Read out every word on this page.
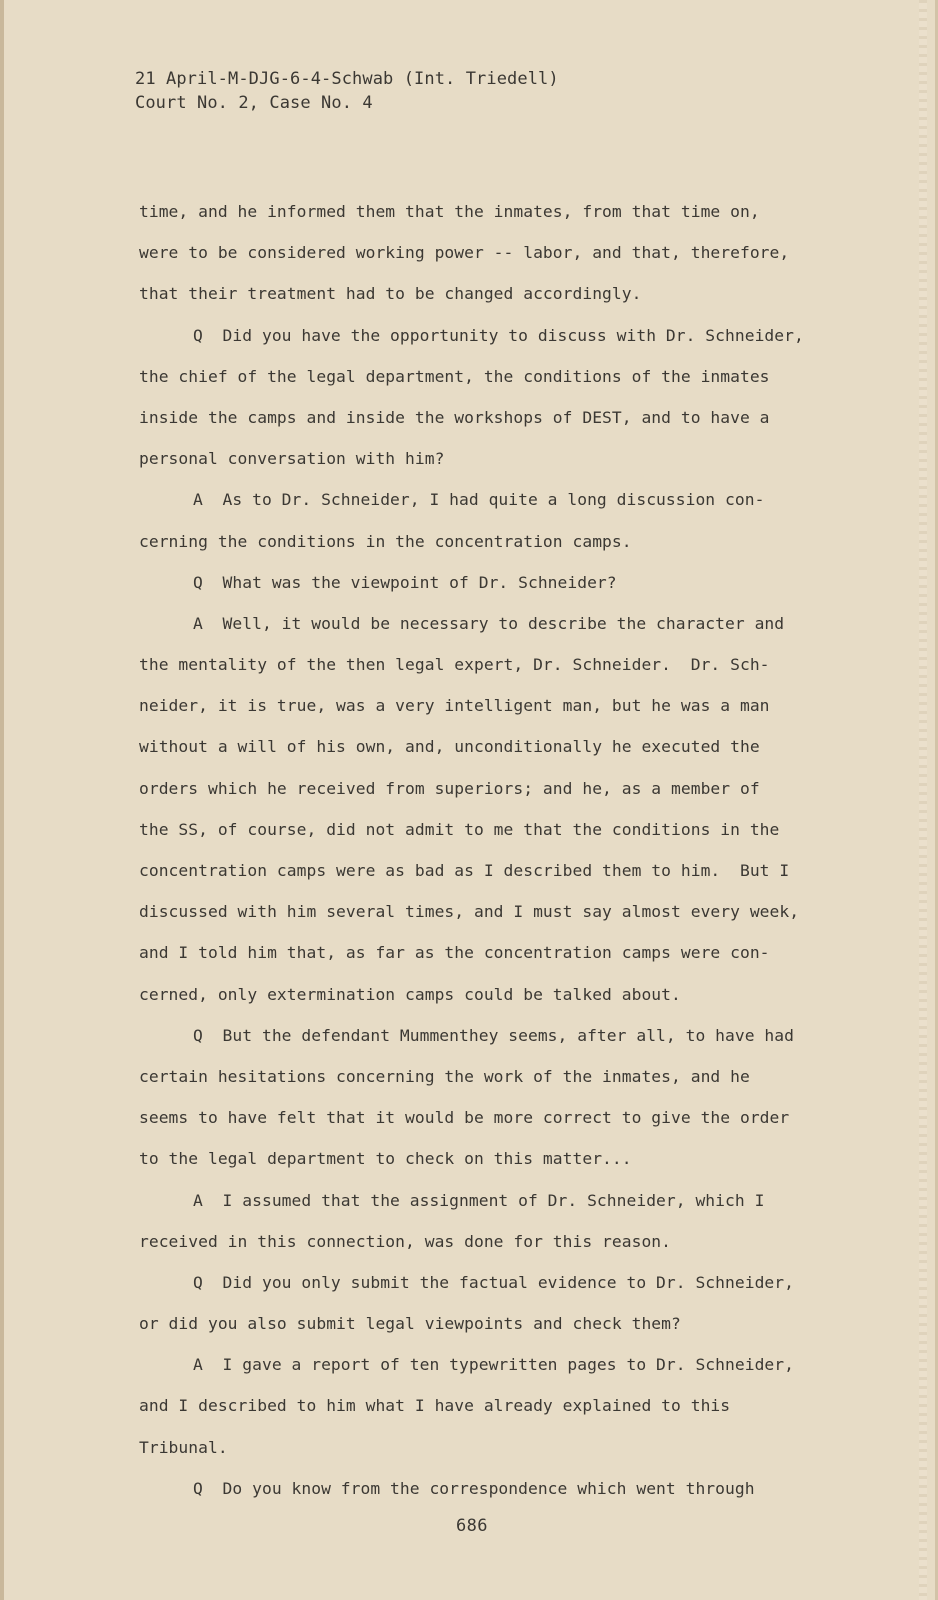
21 April-M-DJG-6-4-Schwab (Int. Triedell)
Court No. 2, Case No. 4
time, and he informed them that the inmates, from that time on,
were to be considered working power -- labor, and that, therefore,
that their treatment had to be changed accordingly.
Q  Did you have the opportunity to discuss with Dr. Schneider,
the chief of the legal department, the conditions of the inmates
inside the camps and inside the workshops of DEST, and to have a
personal conversation with him?
A  As to Dr. Schneider, I had quite a long discussion con-
cerning the conditions in the concentration camps.
Q  What was the viewpoint of Dr. Schneider?
A  Well, it would be necessary to describe the character and
the mentality of the then legal expert, Dr. Schneider.  Dr. Sch-
neider, it is true, was a very intelligent man, but he was a man
without a will of his own, and, unconditionally he executed the
orders which he received from superiors; and he, as a member of
the SS, of course, did not admit to me that the conditions in the
concentration camps were as bad as I described them to him.  But I
discussed with him several times, and I must say almost every week,
and I told him that, as far as the concentration camps were con-
cerned, only extermination camps could be talked about.
Q  But the defendant Mummenthey seems, after all, to have had
certain hesitations concerning the work of the inmates, and he
seems to have felt that it would be more correct to give the order
to the legal department to check on this matter...
A  I assumed that the assignment of Dr. Schneider, which I
received in this connection, was done for this reason.
Q  Did you only submit the factual evidence to Dr. Schneider,
or did you also submit legal viewpoints and check them?
A  I gave a report of ten typewritten pages to Dr. Schneider,
and I described to him what I have already explained to this
Tribunal.
Q  Do you know from the correspondence which went through
686
